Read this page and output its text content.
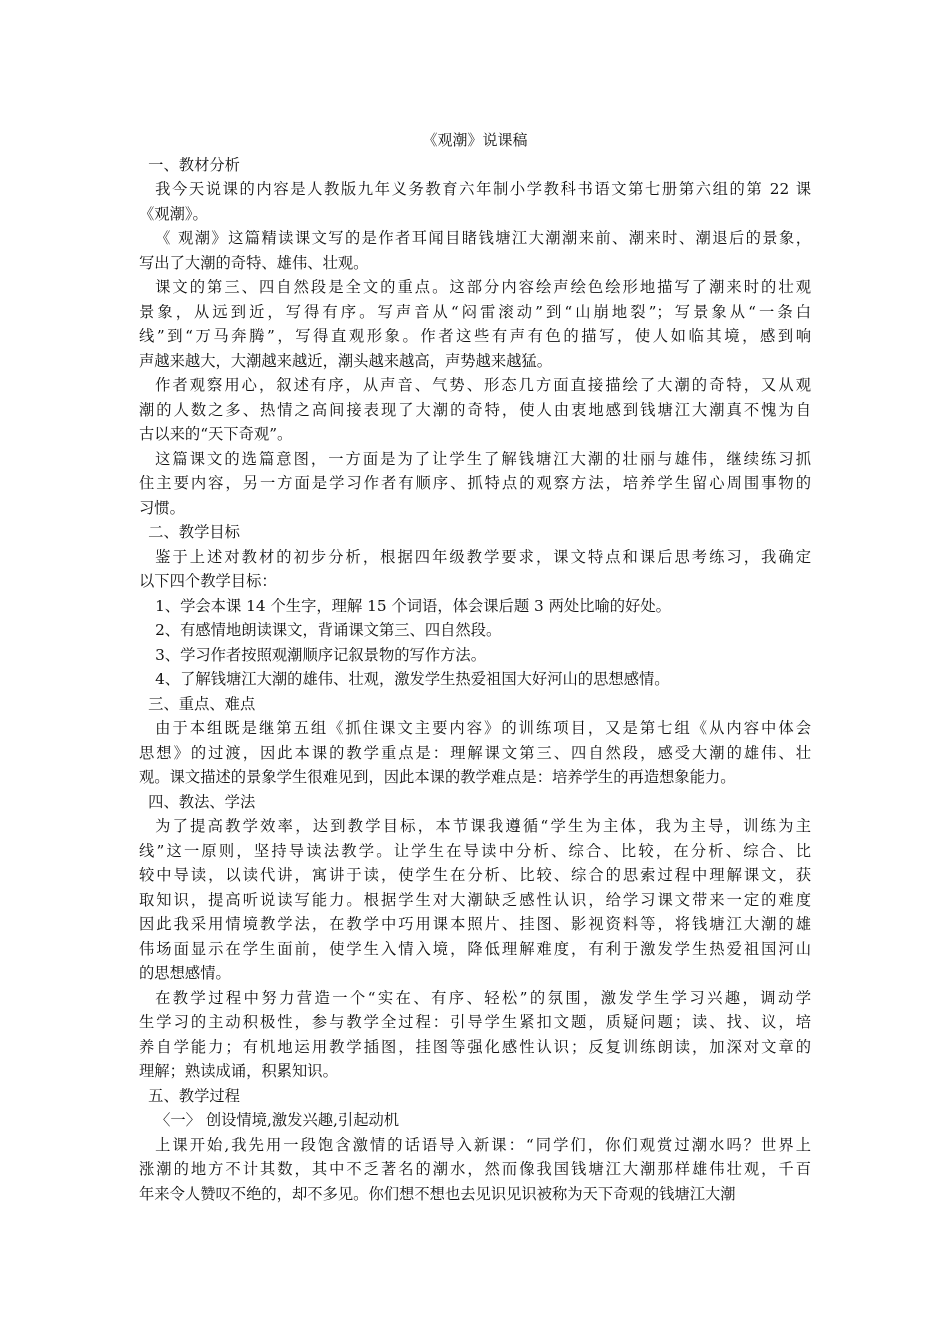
《观潮》说课稿
一、教材分析
我今天说课的内容是人教版九年义务教育六年制小学教科书语文第七册第六组的第 22 课
《观潮》。
《 观潮》这篇精读课文写的是作者耳闻目睹钱塘江大潮潮来前、潮来时、潮退后的景象，
写出了大潮的奇特、雄伟、壮观。
课文的第三、四自然段是全文的重点。这部分内容绘声绘色绘形地描写了潮来时的壮观
景象，从远到近，写得有序。写声音从“闷雷滚动”到“山崩地裂”；写景象从“一条白
线”到“万马奔腾”，写得直观形象。作者这些有声有色的描写，使人如临其境，感到响
声越来越大，大潮越来越近，潮头越来越高，声势越来越猛。
作者观察用心，叙述有序，从声音、气势、形态几方面直接描绘了大潮的奇特，又从观
潮的人数之多、热情之高间接表现了大潮的奇特，使人由衷地感到钱塘江大潮真不愧为自
古以来的“天下奇观”。
这篇课文的选篇意图，一方面是为了让学生了解钱塘江大潮的壮丽与雄伟，继续练习抓
住主要内容，另一方面是学习作者有顺序、抓特点的观察方法，培养学生留心周围事物的
习惯。
二、教学目标
鉴于上述对教材的初步分析，根据四年级教学要求，课文特点和课后思考练习，我确定
以下四个教学目标：
1、学会本课 14 个生字，理解 15 个词语，体会课后题 3 两处比喻的好处。
2、有感情地朗读课文，背诵课文第三、四自然段。
3、学习作者按照观潮顺序记叙景物的写作方法。
4、了解钱塘江大潮的雄伟、壮观，激发学生热爱祖国大好河山的思想感情。
三、重点、难点
由于本组既是继第五组《抓住课文主要内容》的训练项目，又是第七组《从内容中体会
思想》的过渡，因此本课的教学重点是：理解课文第三、四自然段，感受大潮的雄伟、壮
观。课文描述的景象学生很难见到，因此本课的教学难点是：培养学生的再造想象能力。
四、教法、学法
为了提高教学效率，达到教学目标，本节课我遵循“学生为主体，我为主导，训练为主
线”这一原则，坚持导读法教学。让学生在导读中分析、综合、比较，在分析、综合、比
较中导读，以读代讲，寓讲于读，使学生在分析、比较、综合的思索过程中理解课文，获
取知识，提高听说读写能力。根据学生对大潮缺乏感性认识，给学习课文带来一定的难度
因此我采用情境教学法，在教学中巧用课本照片、挂图、影视资料等，将钱塘江大潮的雄
伟场面显示在学生面前，使学生入情入境，降低理解难度，有利于激发学生热爱祖国河山
的思想感情。
在教学过程中努力营造一个“实在、有序、轻松”的氛围，激发学生学习兴趣，调动学
生学习的主动积极性，参与教学全过程：引导学生紧扣文题，质疑问题；读、找、议，培
养自学能力；有机地运用教学插图，挂图等强化感性认识；反复训练朗读，加深对文章的
理解；熟读成诵，积累知识。
五、教学过程
〈一〉 创设情境,激发兴趣,引起动机
上课开始,我先用一段饱含激情的话语导入新课：“同学们，你们观赏过潮水吗？世界上
涨潮的地方不计其数，其中不乏著名的潮水，然而像我国钱塘江大潮那样雄伟壮观，千百
年来令人赞叹不绝的，却不多见。你们想不想也去见识见识被称为天下奇观的钱塘江大潮
